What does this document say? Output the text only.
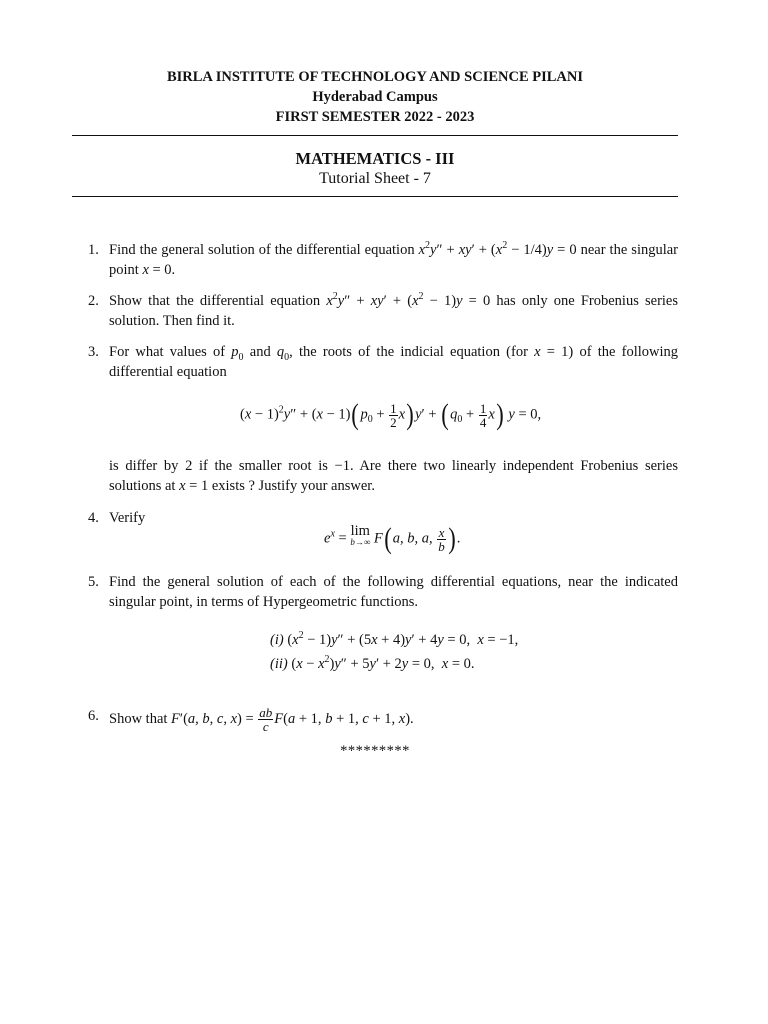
BIRLA INSTITUTE OF TECHNOLOGY AND SCIENCE PILANI
Hyderabad Campus
FIRST SEMESTER 2022 - 2023
MATHEMATICS - III
Tutorial Sheet - 7
1. Find the general solution of the differential equation $x^2y'' + xy' + (x^2 - 1/4)y = 0$ near the singular point x = 0.
2. Show that the differential equation $x^2y'' + xy' + (x^2 - 1)y = 0$ has only one Frobenius series solution. Then find it.
3. For what values of $p_0$ and $q_0$, the roots of the indicial equation (for x = 1) of the following differential equation
$(x - 1)^2y'' + (x - 1)(p_0 + \frac{1}{2} x)y' + (q_0 + \frac{1}{4} x)$ y = 0,
is differ by 2 if the smaller root is −1. Are there two linearly independent Frobenius series solutions at x = 1 exists ? Justify your answer.
4. Verify
$e^x = \lim$
b→∞ F(a, b, a, $\frac{x}{b}$ ).
5. Find the general solution of each of the following differential equations, near the indicated singular point, in terms of Hypergeometric functions.
(i) $(x^2 - 1)y'' + (5x + 4)y' + 4y = 0$,  x = −1,
(ii) $(x - x^2)y'' + 5y' + 2y = 0$,  x = 0.
6. Show that F′(a, b, c, $x) = \frac{ab}{c} F(a + 1$, b + 1, c + 1, x).
*********
